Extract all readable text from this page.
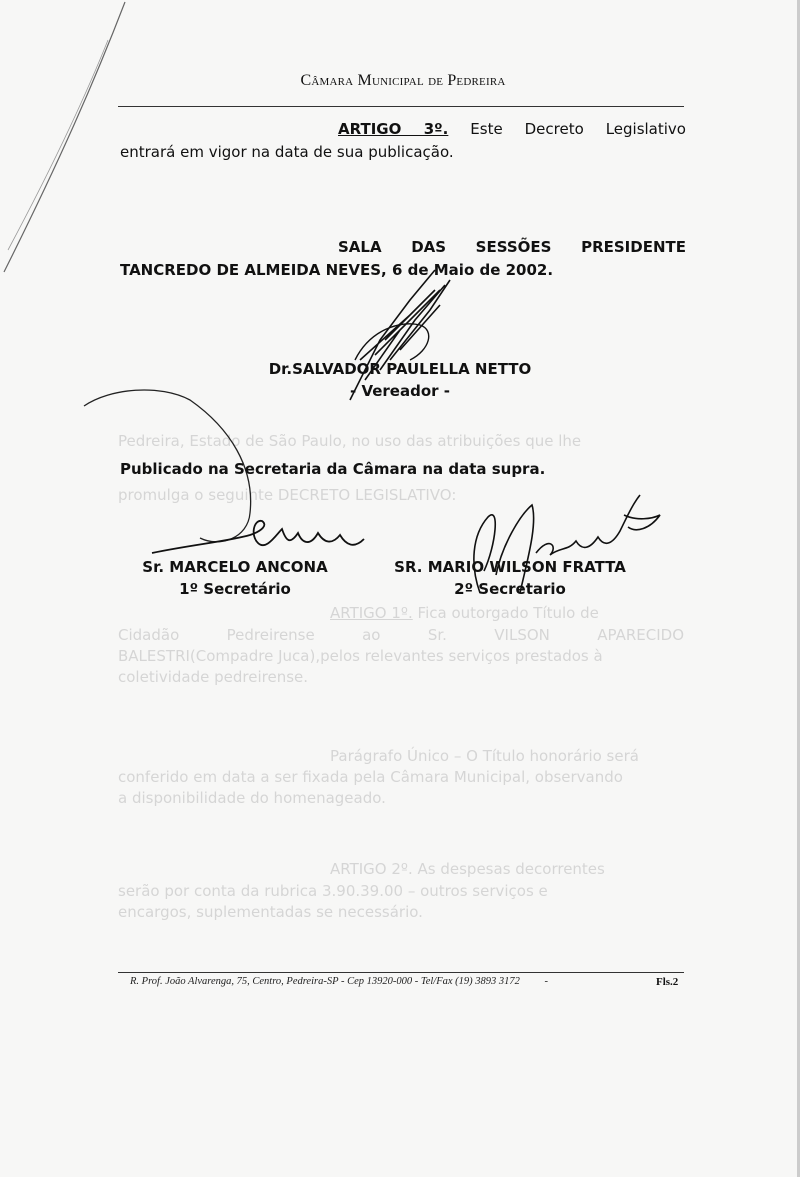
Pedreira, Estado de São Paulo, no uso das atribuições que lhe
promulga o seguinte DECRETO LEGISLATIVO:
ARTIGO 1º. Fica outorgado Título de
Cidadão Pedreirense ao Sr. VILSON APARECIDO
BALESTRI(Compadre Juca),pelos relevantes serviços prestados à
coletividade pedreirense.
Parágrafo Único – O Título honorário será
conferido em data a ser fixada pela Câmara Municipal, observando
a disponibilidade do homenageado.
ARTIGO 2º. As despesas decorrentes
serão por conta da rubrica 3.90.39.00 – outros serviços e
encargos, suplementadas se necessário.
Câmara Municipal de Pedreira
ARTIGO 3º. Este Decreto Legislativo
entrará em vigor na data de sua publicação.
SALA DAS SESSÕES PRESIDENTE
TANCREDO DE ALMEIDA NEVES, 6 de Maio de 2002.
Dr.SALVADOR PAULELLA NETTO
- Vereador -
Publicado na Secretaria da Câmara na data supra.
Sr. MARCELO ANCONA
1º Secretário
SR. MARIO WILSON FRATTA
2º Secretario
R. Prof. João Alvarenga, 75, Centro, Pedreira-SP - Cep 13920-000 - Tel/Fax (19) 3893 3172 -	Fls.2
